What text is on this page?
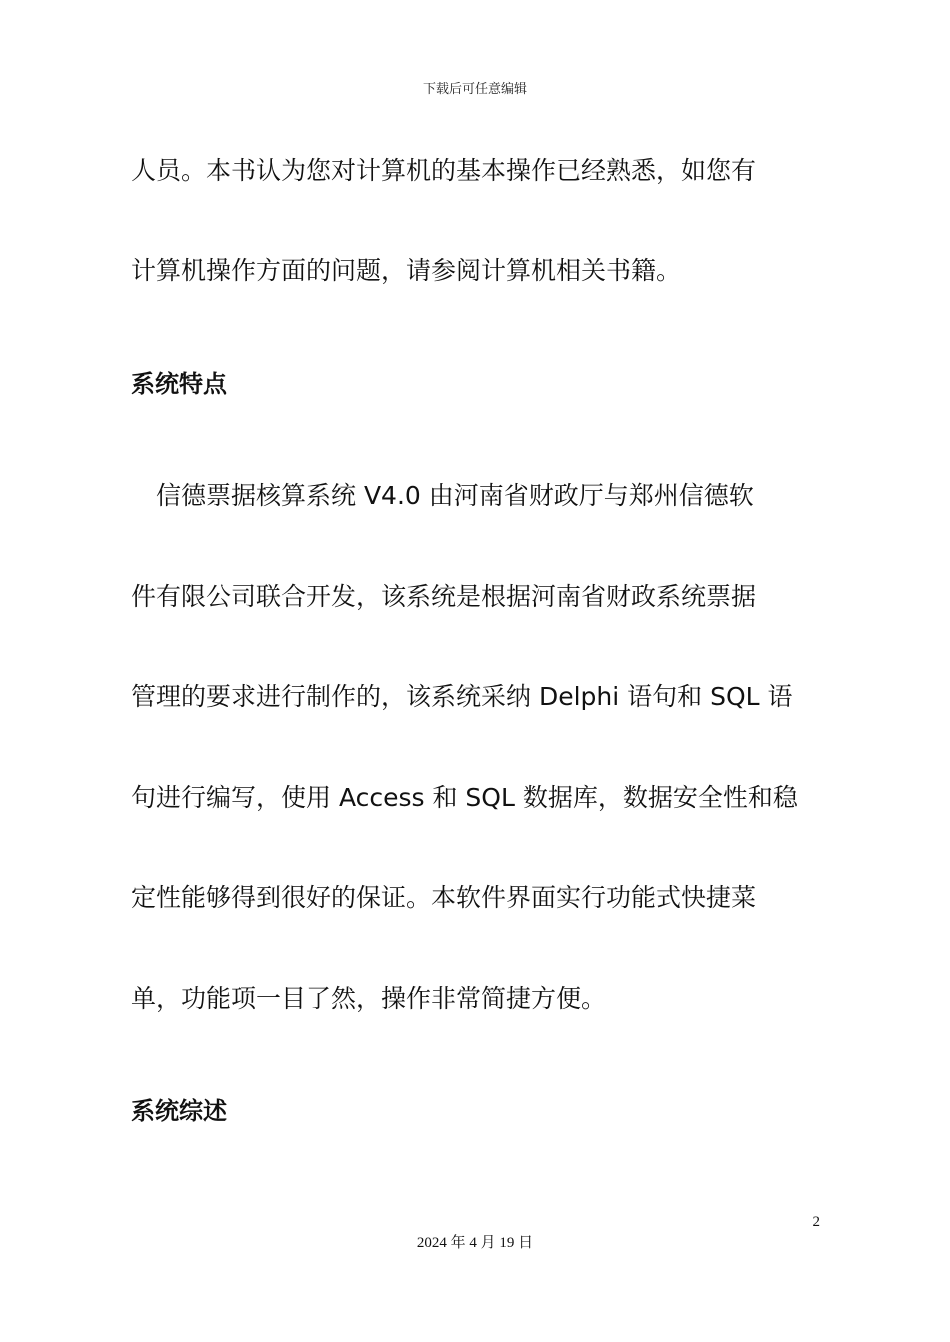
下载后可任意编辑
人员。本书认为您对计算机的基本操作已经熟悉，如您有
计算机操作方面的问题，请参阅计算机相关书籍。
系统特点
　信德票据核算系统 V4.0 由河南省财政厅与郑州信德软
件有限公司联合开发，该系统是根据河南省财政系统票据
管理的要求进行制作的，该系统采纳 Delphi 语句和 SQL 语
句进行编写，使用 Access 和 SQL 数据库，数据安全性和稳
定性能够得到很好的保证。本软件界面实行功能式快捷菜
单，功能项一目了然，操作非常简捷方便。
系统综述
2
2024 年 4 月 19 日
